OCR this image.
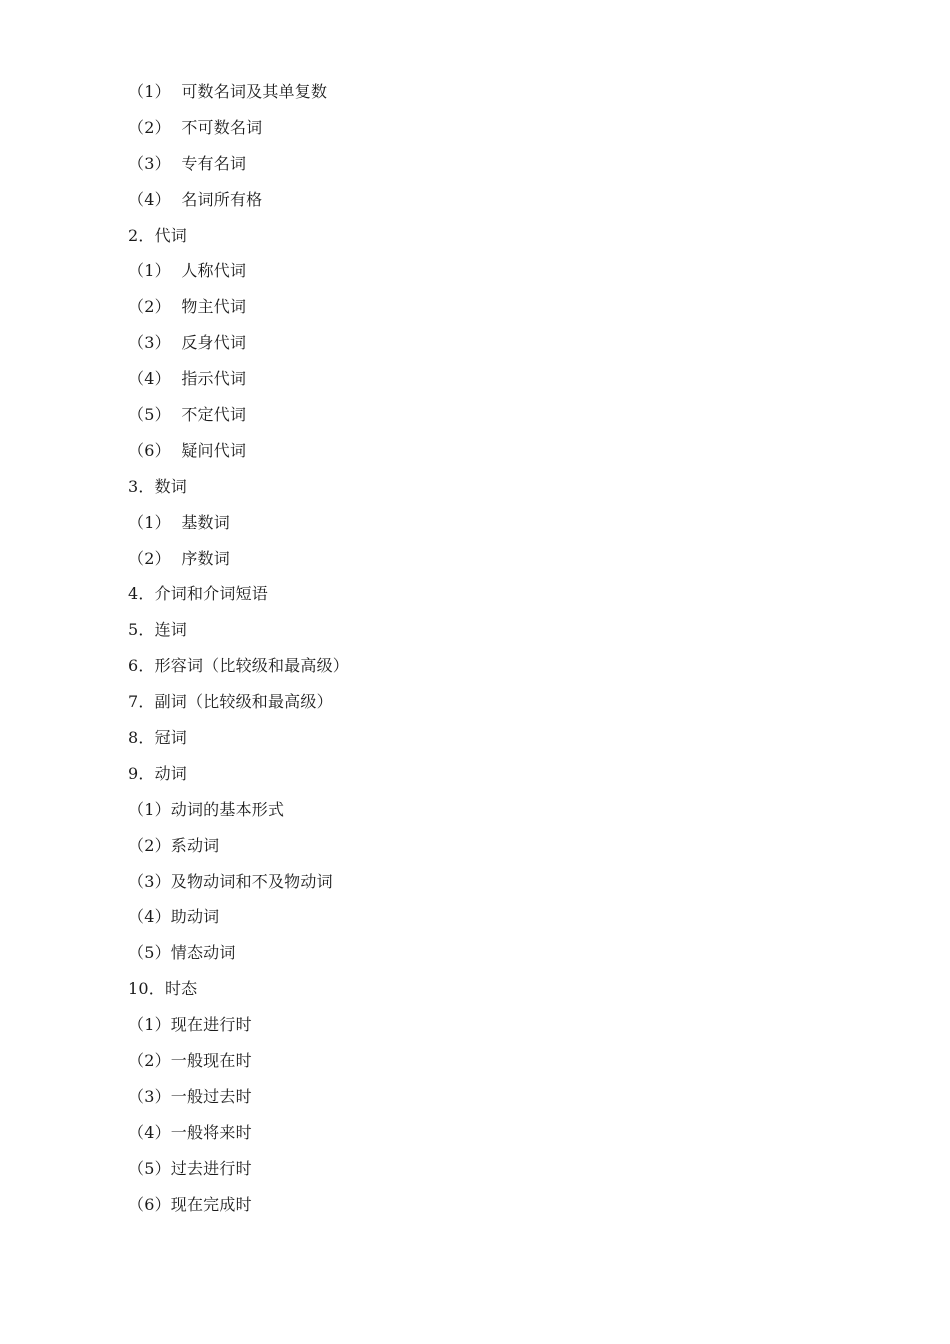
（1）  可数名词及其单复数
（2）  不可数名词
（3）  专有名词
（4）  名词所有格
2．代词
（1）  人称代词
（2）  物主代词
（3）  反身代词
（4）  指示代词
（5）  不定代词
（6）  疑问代词
3．数词
（1）  基数词
（2）  序数词
4．介词和介词短语
5．连词
6．形容词（比较级和最高级）
7．副词（比较级和最高级）
8．冠词
9．动词
（1）动词的基本形式
（2）系动词
（3）及物动词和不及物动词
（4）助动词
（5）情态动词
10．时态
（1）现在进行时
（2）一般现在时
（3）一般过去时
（4）一般将来时
（5）过去进行时
（6）现在完成时
